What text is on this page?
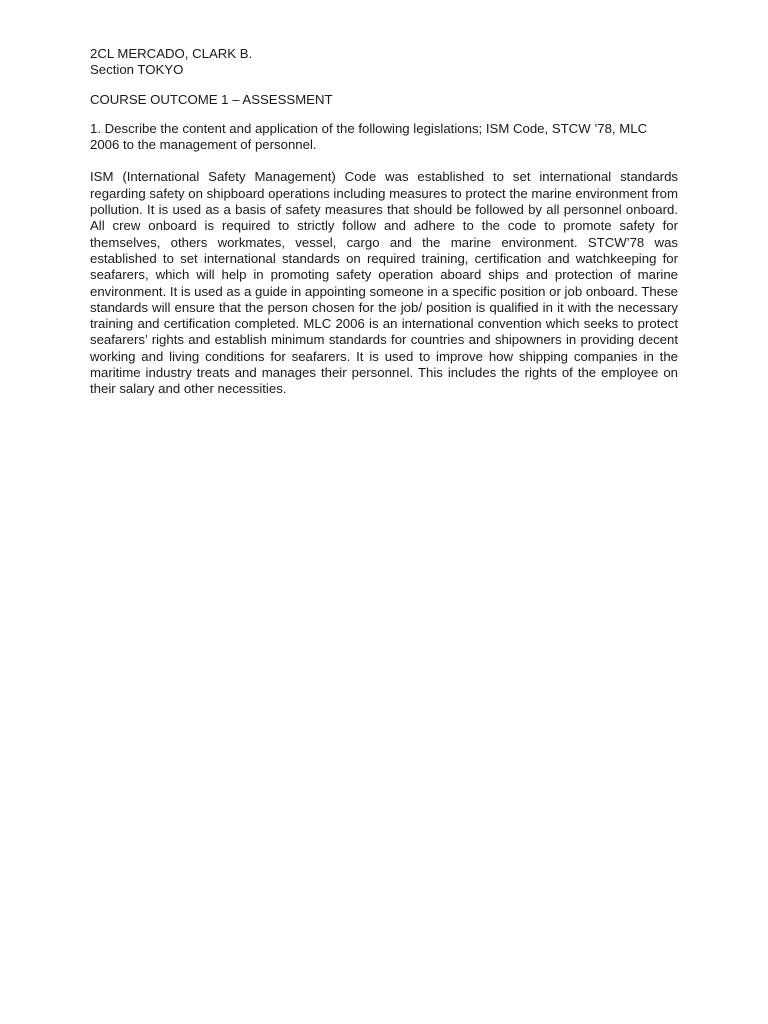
2CL MERCADO, CLARK B.
Section TOKYO
COURSE OUTCOME 1 – ASSESSMENT

1. Describe the content and application of the following legislations; ISM Code, STCW ’78, MLC 2006 to the management of personnel.

ISM (International Safety Management) Code was established to set international standards regarding safety on shipboard operations including measures to protect the marine environment from pollution. It is used as a basis of safety measures that should be followed by all personnel onboard. All crew onboard is required to strictly follow and adhere to the code to promote safety for themselves, others workmates, vessel, cargo and the marine environment. STCW’78 was established to set international standards on required training, certification and watchkeeping for seafarers, which will help in promoting safety operation aboard ships and protection of marine environment. It is used as a guide in appointing someone in a specific position or job onboard. These standards will ensure that the person chosen for the job/ position is qualified in it with the necessary training and certification completed. MLC 2006 is an international convention which seeks to protect seafarers’ rights and establish minimum standards for countries and shipowners in providing decent working and living conditions for seafarers. It is used to improve how shipping companies in the maritime industry treats and manages their personnel. This includes the rights of the employee on their salary and other necessities.
